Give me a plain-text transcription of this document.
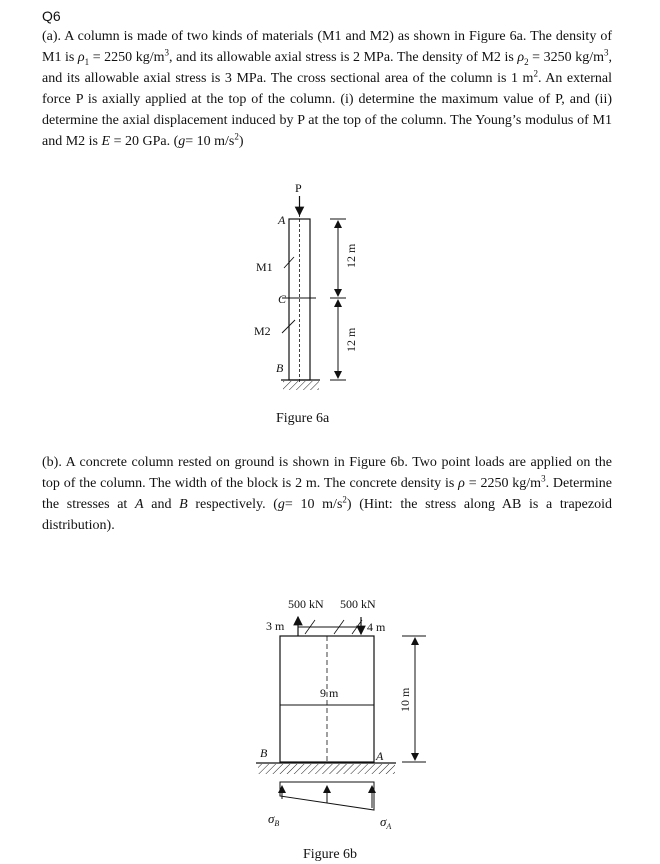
Q6

(a). A column is made of two kinds of materials (M1 and M2) as shown in Figure 6a. The density of M1 is $\rho_1 = 2250$ $kg/m^3$, and its allowable axial stress is 2 MPa. The density of M2 is $\rho_2 = 3250$ $kg/m^3$, and its allowable axial stress is 3 MPa. The cross sectional area of the column is 1 $m^2$. An external force P is axially applied at the top of the column. (i) determine the maximum value of P, and (ii) determine the axial displacement induced by P at the top of the column. The Young’s modulus of M1 and M2 is E = 20 GPa. (g= 10 $m/s^2$)

P
A
C
B
M1
M2
12 m
12 m
Figure 6a

(b). A concrete column rested on ground is shown in Figure 6b. Two point loads are applied on the top of the column. The width of the block is 2 m. The concrete density is ρ = 2250 $kg/m^3$. Determine the stresses at A and B respectively. (g= 10 $m/s^2$) (Hint: the stress along AB is a trapezoid distribution).

500 kN 500 kN
3 m	4 m
9 m	10 m
B	A
$\sigma_B$	$\sigma_A$
Figure 6b
